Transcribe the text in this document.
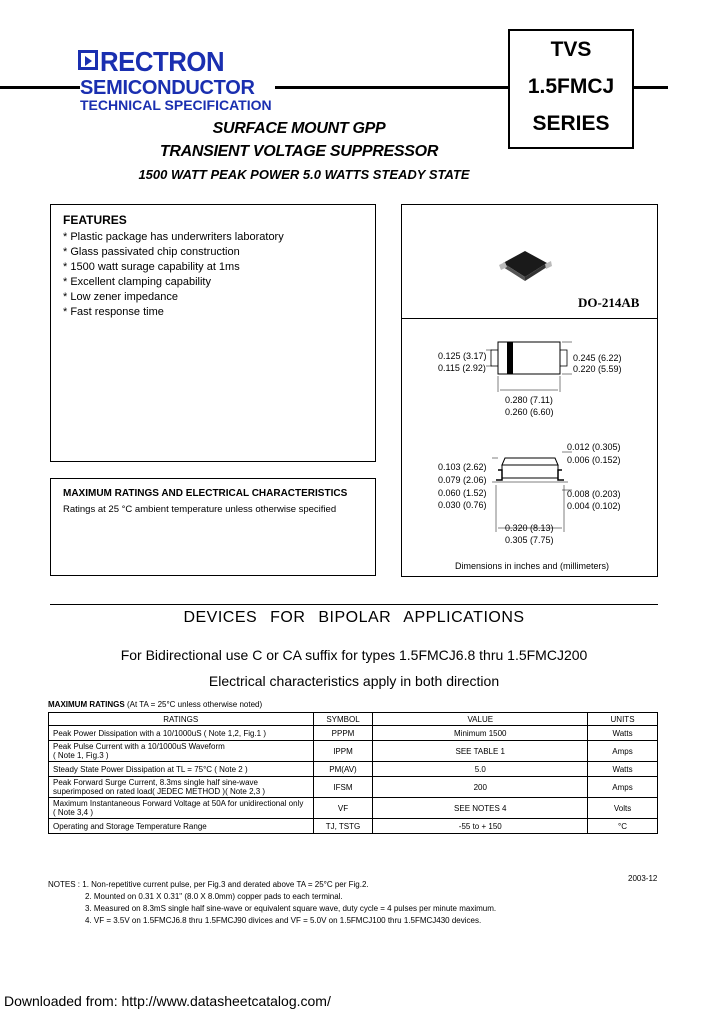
RECTRON
SEMICONDUCTOR
TECHNICAL SPECIFICATION
TVS
1.5FMCJ
SERIES
SURFACE MOUNT GPP
TRANSIENT VOLTAGE SUPPRESSOR
1500 WATT PEAK POWER 5.0 WATTS STEADY STATE
FEATURES
* Plastic package has underwriters laboratory
* Glass passivated chip construction
* 1500 watt surage capability at 1ms
* Excellent clamping capability
* Low zener impedance
* Fast response time
MAXIMUM RATINGS AND ELECTRICAL CHARACTERISTICS
Ratings at 25 °C ambient temperature unless otherwise specified
DO-214AB
0.125 (3.17)
0.115 (2.92)
0.245 (6.22)
0.220 (5.59)
0.280 (7.11)
0.260 (6.60)
0.012 (0.305)
0.006 (0.152)
0.103 (2.62)
0.079 (2.06)
0.060 (1.52)
0.030 (0.76)
0.008 (0.203)
0.004 (0.102)
0.320 (8.13)
0.305 (7.75)
Dimensions in inches and (millimeters)
DEVICES FOR BIPOLAR APPLICATIONS
For Bidirectional use C or CA suffix for types 1.5FMCJ6.8 thru 1.5FMCJ200
Electrical characteristics apply in both direction
MAXIMUM RATINGS (At TA = 25°C unless otherwise noted)
RATINGS	SYMBOL	VALUE	UNITS
Peak Power Dissipation with a 10/1000uS ( Note 1,2, Fig.1 )	PPPM	Minimum 1500	Watts

Peak Pulse Current with a 10/1000uS Waveform
( Note 1, Fig.3 )	IPPM	SEE TABLE 1	Amps
Steady State Power Dissipation at TL = 75°C ( Note 2 )	PM(AV)	5.0	Watts

Peak Forward Surge Current, 8.3ms single half sine-wave
superimposed on rated load( JEDEC METHOD )( Note 2,3 )	IFSM	200	Amps

Maximum Instantaneous Forward Voltage at 50A for unidirectional only
( Note 3,4 )	VF	SEE NOTES 4	Volts
Operating and Storage Temperature Range	TJ, TSTG	-55 to + 150	°C
2003-12
NOTES : 1. Non-repetitive current pulse, per Fig.3 and derated above TA = 25°C per Fig.2.
2. Mounted on 0.31 X 0.31" (8.0 X 8.0mm) copper pads to each terminal.
3. Measured on 8.3mS single half sine-wave or equivalent square wave, duty cycle = 4 pulses per minute maximum.
4. VF = 3.5V on 1.5FMCJ6.8 thru 1.5FMCJ90 divices and VF = 5.0V on 1.5FMCJ100 thru 1.5FMCJ430 devices.
Downloaded from: http://www.datasheetcatalog.com/
